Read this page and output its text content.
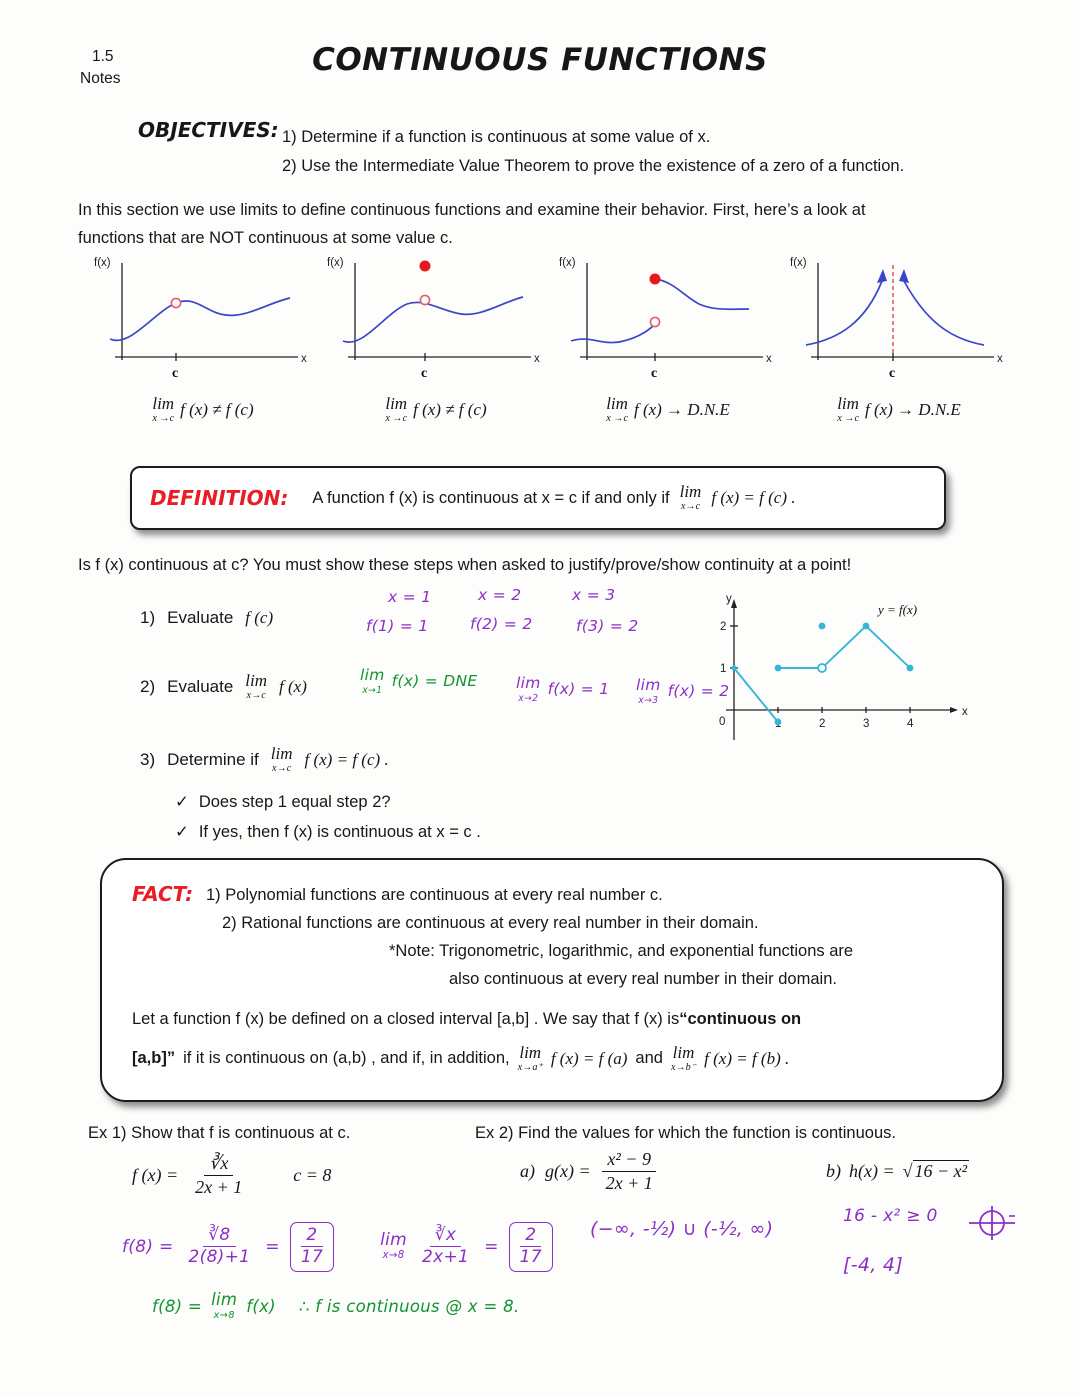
1.5
Notes
CONTINUOUS FUNCTIONS
OBJECTIVES: 1) Determine if a function is continuous at some value of x.
2) Use the Intermediate Value Theorem to prove the existence of a zero of a function.
In this section we use limits to define continuous functions and examine their behavior. First, here’s a look at
functions that are NOT continuous at some value c.
f(x)
x
c
lim
x →c f (x) ≠ f (c)
f(x)
x
c
lim
x →c f (x) ≠ f (c)
f(x)
x
c
lim
x →c f (x) → D.N.E
f(x)
x
c
lim
x →c f (x) → D.N.E
DEFINITION: A function f (x) is continuous at x = c if and only if lim
x→c f (x) = f (c) .
Is f (x) continuous at c? You must show these steps when asked to justify/prove/show continuity at a point!
1) Evaluate f (c)
2) Evaluate lim
x→c f (x)
3) Determine if lim
x→c f (x) = f (c) .
✓ Does step 1 equal step 2?
✓ If yes, then f (x) is continuous at x = c .
x = 1	x = 2	x = 3
f(1) = 1	f(2) = 2	f(3) = 2
lim
x→1 f(x) = DNE lim
x→2 f(x) = 1 lim
x→3 f(x) = 2
y
x
0	2	3	4
1
2
y = f(x)
FACT: 1) Polynomial functions are continuous at every real number c.
2) Rational functions are continuous at every real number in their domain.
*Note: Trigonometric, logarithmic, and exponential functions are
also continuous at every real number in their domain.
Let a function f (x) be defined on a closed interval [a,b] . We say that f (x) is “continuous on
[a,b]” if it is continuous on (a,b) , and if, in addition, lim
x→a⁺ f (x) = f (a) and lim
x→b⁻ f (x) = f (b) .
Ex 1) Show that f is continuous at c.	Ex 2) Find the values for which the function is continuous.
f $(x) = \frac{∛x}{2x + 1}$	c = 8	a) $g(x) = \frac{\text{x² − 9}}{2x + 1}$	b) h(x) = √ 16 − x²
$f(8) = \frac{∛8}{2(8)+1} = \frac{2}{17}$	lim
$x\to 8 \frac{∛x}{2x+1} = \frac{2}{17}$
f(8) = lim
x→8 f(x) ∴ f is continuous @ x = 8.
(−∞, -½) ∪ (-½, ∞)
16 - x² ≥ 0
[-4, 4]
